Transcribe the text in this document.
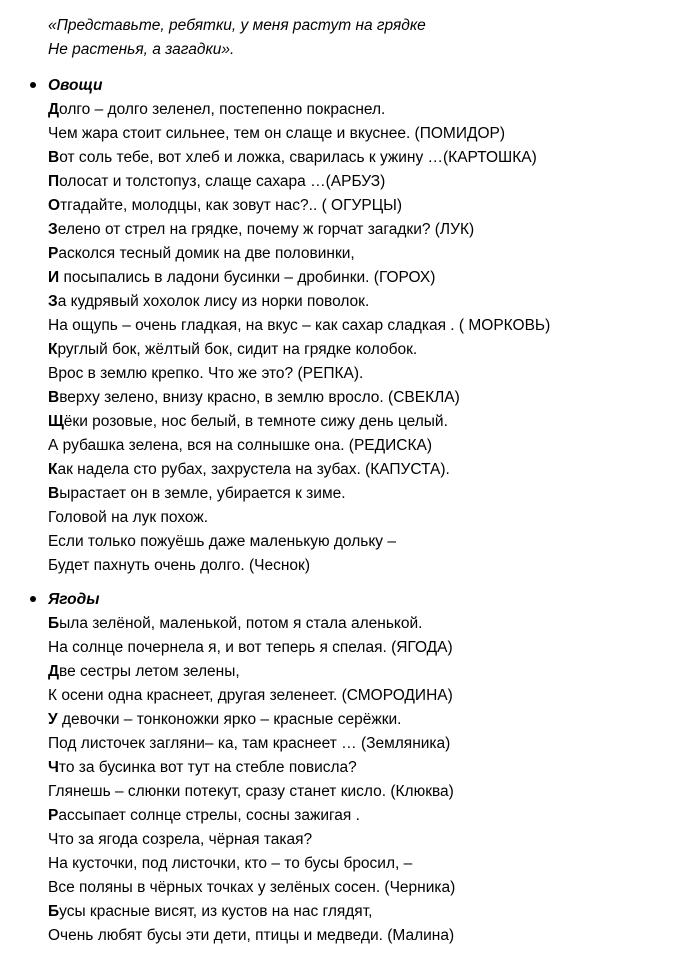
«Представьте, ребятки, у меня растут на грядке
Не растенья, а загадки».
Овощи
Долго – долго зеленел, постепенно покраснел.
Чем жара стоит сильнее, тем он слаще и вкуснее. (ПОМИДОР)
Вот соль тебе, вот хлеб и ложка, сварилась к ужину …(КАРТОШКА)
Полосат и толстопуз, слаще сахара …(АРБУЗ)
Отгадайте, молодцы, как зовут нас?.. ( ОГУРЦЫ)
Зелено от стрел на грядке, почему ж горчат загадки? (ЛУК)
Расколся тесный домик на две половинки,
И посыпались в ладони бусинки – дробинки. (ГОРОХ)
За кудрявый хохолок лису из норки поволок.
На ощупь – очень гладкая, на вкус – как сахар сладкая . ( МОРКОВЬ)
Круглый бок, жёлтый бок, сидит на грядке колобок.
Врос в землю крепко. Что же это? (РЕПКА).
Вверху зелено, внизу красно, в землю вросло. (СВЕКЛА)
Щёки розовые, нос белый, в темноте сижу день целый.
А рубашка зелена, вся на солнышке она. (РЕДИСКА)
Как надела сто рубах, захрустела на зубах. (КАПУСТА).
Вырастает он в земле, убирается к зиме.
Головой на лук похож.
Если только пожуёшь даже маленькую дольку –
Будет пахнуть очень долго. (Чеснок)
Ягоды
Была зелёной, маленькой, потом я стала аленькой.
На солнце почернела я, и вот теперь я спелая. (ЯГОДА)
Две сестры летом зелены,
К осени одна краснеет, другая зеленеет. (СМОРОДИНА)
У девочки – тонконожки ярко – красные серёжки.
Под листочек загляни– ка, там краснеет … (Земляника)
Что за бусинка вот тут на стебле повисла?
Глянешь – слюнки потекут, сразу станет кисло. (Клюква)
Рассыпает солнце стрелы, сосны зажигая .
Что за ягода созрела, чёрная такая?
На кусточки, под листочки, кто – то бусы бросил, –
Все поляны в чёрных точках у зелёных сосен. (Черника)
Бусы красные висят, из кустов на нас глядят,
Очень любят бусы эти дети, птицы и медведи. (Малина)
